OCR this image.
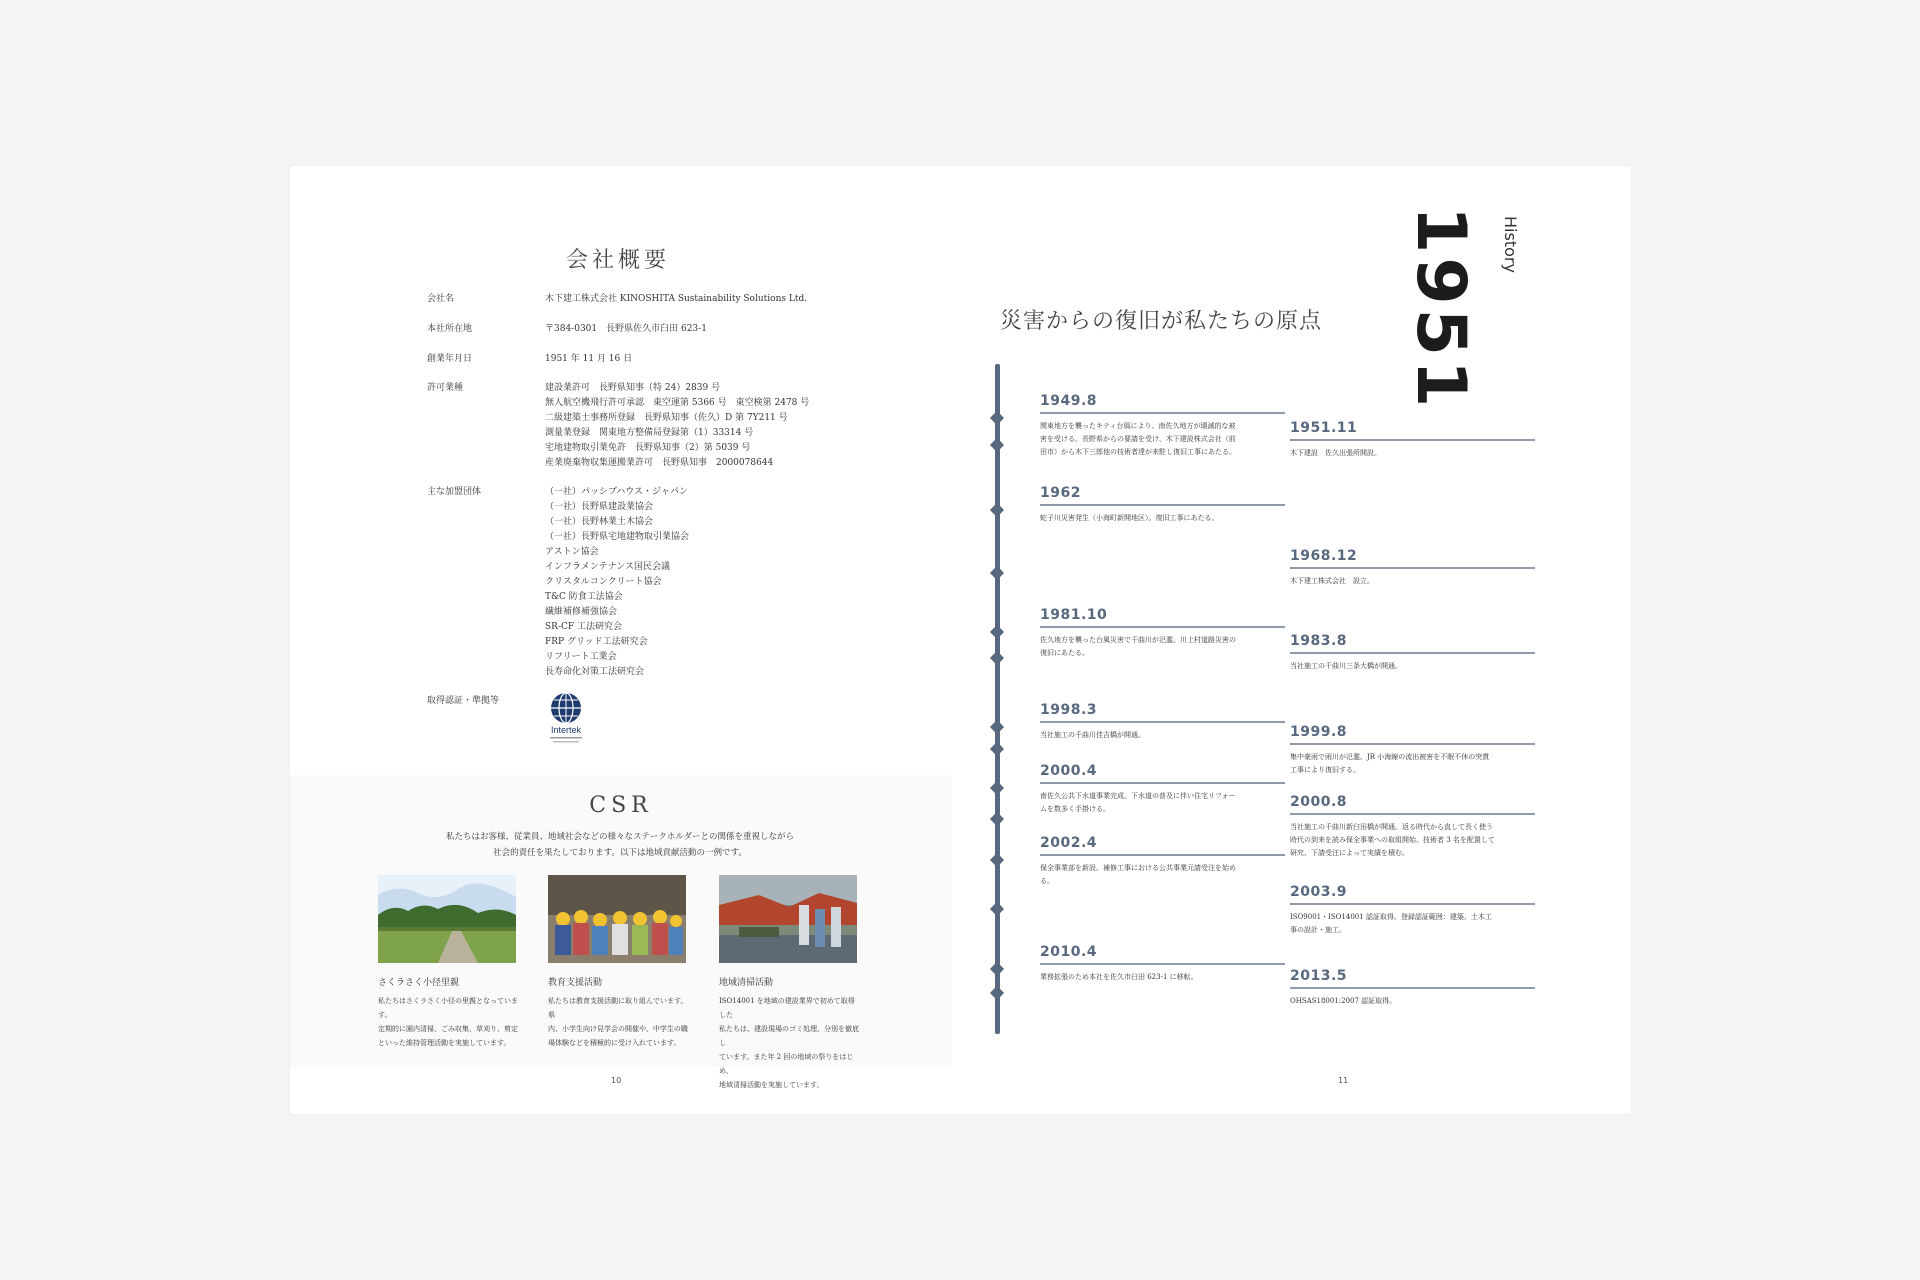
会社概要
会社名	木下建工株式会社 KINOSHITA Sustainability Solutions Ltd.
本社所在地	〒384-0301　長野県佐久市臼田 623-1
創業年月日	1951 年 11 月 16 日
許可業種	建設業許可　長野県知事（特 24）2839 号
無人航空機飛行許可承認　東空運第 5366 号　東空検第 2478 号
二級建築士事務所登録　長野県知事（佐久）D 第 7Y211 号
測量業登録　関東地方整備局登録第（1）33314 号
宅地建物取引業免許　長野県知事（2）第 5039 号
産業廃棄物収集運搬業許可　長野県知事　2000078644
主な加盟団体	（一社）パッシブハウス・ジャパン
（一社）長野県建設業協会
（一社）長野林業土木協会
（一社）長野県宅地建物取引業協会
アストン協会
インフラメンテナンス国民会議
クリスタルコンクリート協会
T&C 防食工法協会
繊維補修補強協会
SR-CF 工法研究会
FRP グリッド工法研究会
リフリート工業会
長寿命化対策工法研究会
取得認証・準拠等
Intertek
CSR
私たちはお客様、従業員、地域社会などの様々なステークホルダーとの関係を重視しながら
社会的責任を果たしております。以下は地域貢献活動の一例です。
さくラさく小径里親
私たちはさくラさく小径の里親となっています。
定期的に園内清掃、ごみ収集、草刈り、剪定
といった維持管理活動を実施しています。
教育支援活動
私たちは教育支援活動に取り組んでいます。県
内、小学生向け見学会の開催や、中学生の職
場体験などを積極的に受け入れています。
地域清掃活動
ISO14001 を地域の建設業界で初めて取得した
私たちは、建設現場のゴミ処理、分別を徹底し
ています。また年 2 回の地域の祭りをはじめ、
地域清掃活動を実施しています。
10
1951 History
災害からの復旧が私たちの原点
11
1949.8
関東地方を襲ったキティ台風により、南佐久地方が壊滅的な被
害を受ける。長野県からの要請を受け、木下建設株式会社（前
田市）から木下三郎他の技術者達が来駐し復旧工事にあたる。
1962
蛇子川災害発生（小海町新開地区）。復旧工事にあたる。
1981.10
佐久地方を襲った台風災害で千曲川が氾濫。川上村道路災害の
復旧にあたる。
1998.3
当社施工の千曲川佳吉橋が開通。
2000.4
南佐久公共下水道事業完成。下水道の普及に伴い住宅リフォー
ムを数多く手掛ける。
2002.4
保全事業部を新設。補修工事における公共事業元請受注を始め
る。
2010.4
業務拡張のため本社を佐久市臼田 623-1 に移転。
1951.11
木下建設　佐久出張所開設。
1968.12
木下建工株式会社　設立。
1983.8
当社施工の千曲川三条大橋が開通。
1999.8
集中豪雨で雨川が氾濫。JR 小海線の流出被害を不眠不休の突貫
工事により復旧する。
2000.8
当社施工の千曲川新臼田橋が開通。返る時代から直して長く使う
時代の到来を読み保全事業への取組開始。技術者 3 名を配置して
研究、下請受注によって実績を積む。
2003.9
ISO9001・ISO14001 認証取得。登録認証範囲：建築、土木工
事の設計・施工。
2013.5
OHSAS18001:2007 認証取得。
